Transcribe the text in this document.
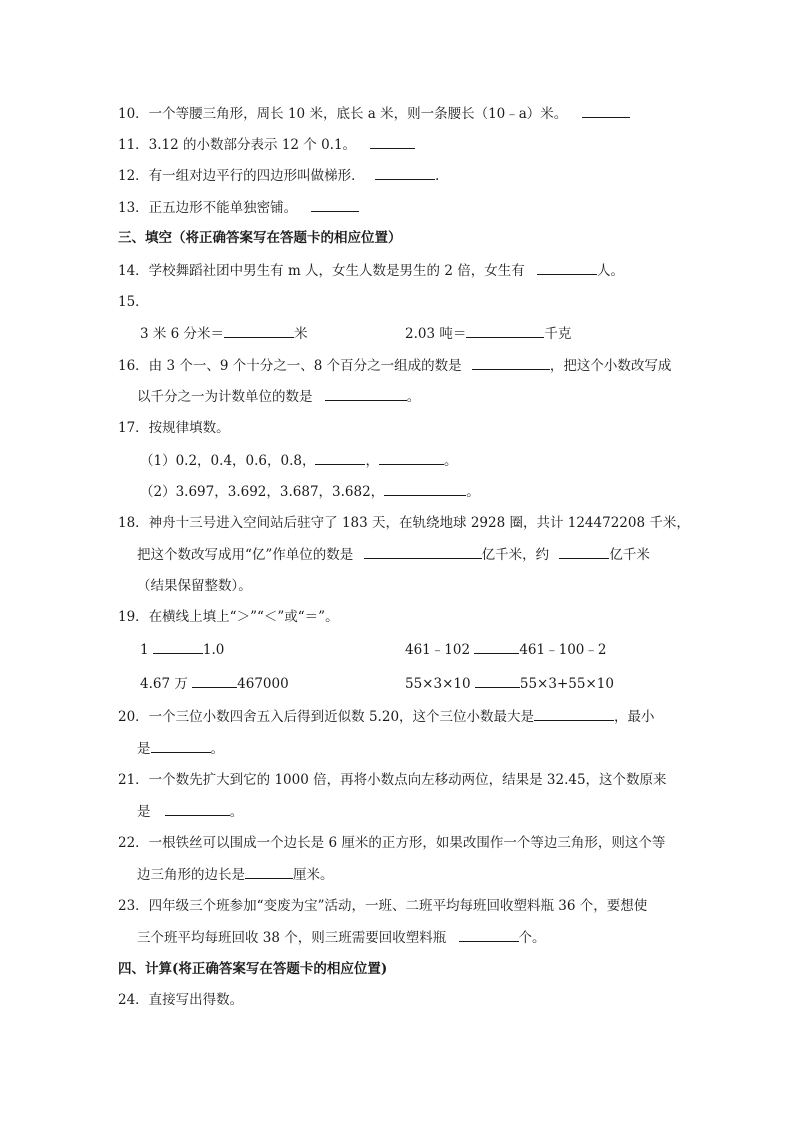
10．一个等腰三角形，周长 10 米，底长 a 米，则一条腰长（10﹣a）米。
11．3.12 的小数部分表示 12 个 0.1。
12．有一组对边平行的四边形叫做梯形．	.
13．正五边形不能单独密铺。
三、填空（将正确答案写在答题卡的相应位置）
14．学校舞蹈社团中男生有 m 人，女生人数是男生的 2 倍，女生有	人。
15．
3 米 6 分米＝	米	2.03 吨＝	千克
16．由 3 个一、9 个十分之一、8 个百分之一组成的数是	，把这个小数改写成
以千分之一为计数单位的数是	。
17．按规律填数。
（1）0.2，0.4，0.6，0.8，	，	。
（2）3.697，3.692，3.687，3.682，	。
18．神舟十三号进入空间站后驻守了 183 天，在轨绕地球 2928 圈，共计 124472208 千米，
把这个数改写成用“亿”作单位的数是	亿千米，约	亿千米
（结果保留整数）。
19．在横线上填上“＞”“＜”或“＝”。
1	1.0	461﹣102	461﹣100﹣2
4.67 万	467000	55×3×10	55×3+55×10
20．一个三位小数四舍五入后得到近似数 5.20，这个三位小数最大是	，最小
是	。
21．一个数先扩大到它的 1000 倍，再将小数点向左移动两位，结果是 32.45，这个数原来
是	。
22．一根铁丝可以围成一个边长是 6 厘米的正方形，如果改围作一个等边三角形，则这个等
边三角形的边长是	厘米。
23．四年级三个班参加“变废为宝”活动，一班、二班平均每班回收塑料瓶 36 个，要想使
三个班平均每班回收 38 个，则三班需要回收塑料瓶	个。
四、计算(将正确答案写在答题卡的相应位置)
24．直接写出得数。
